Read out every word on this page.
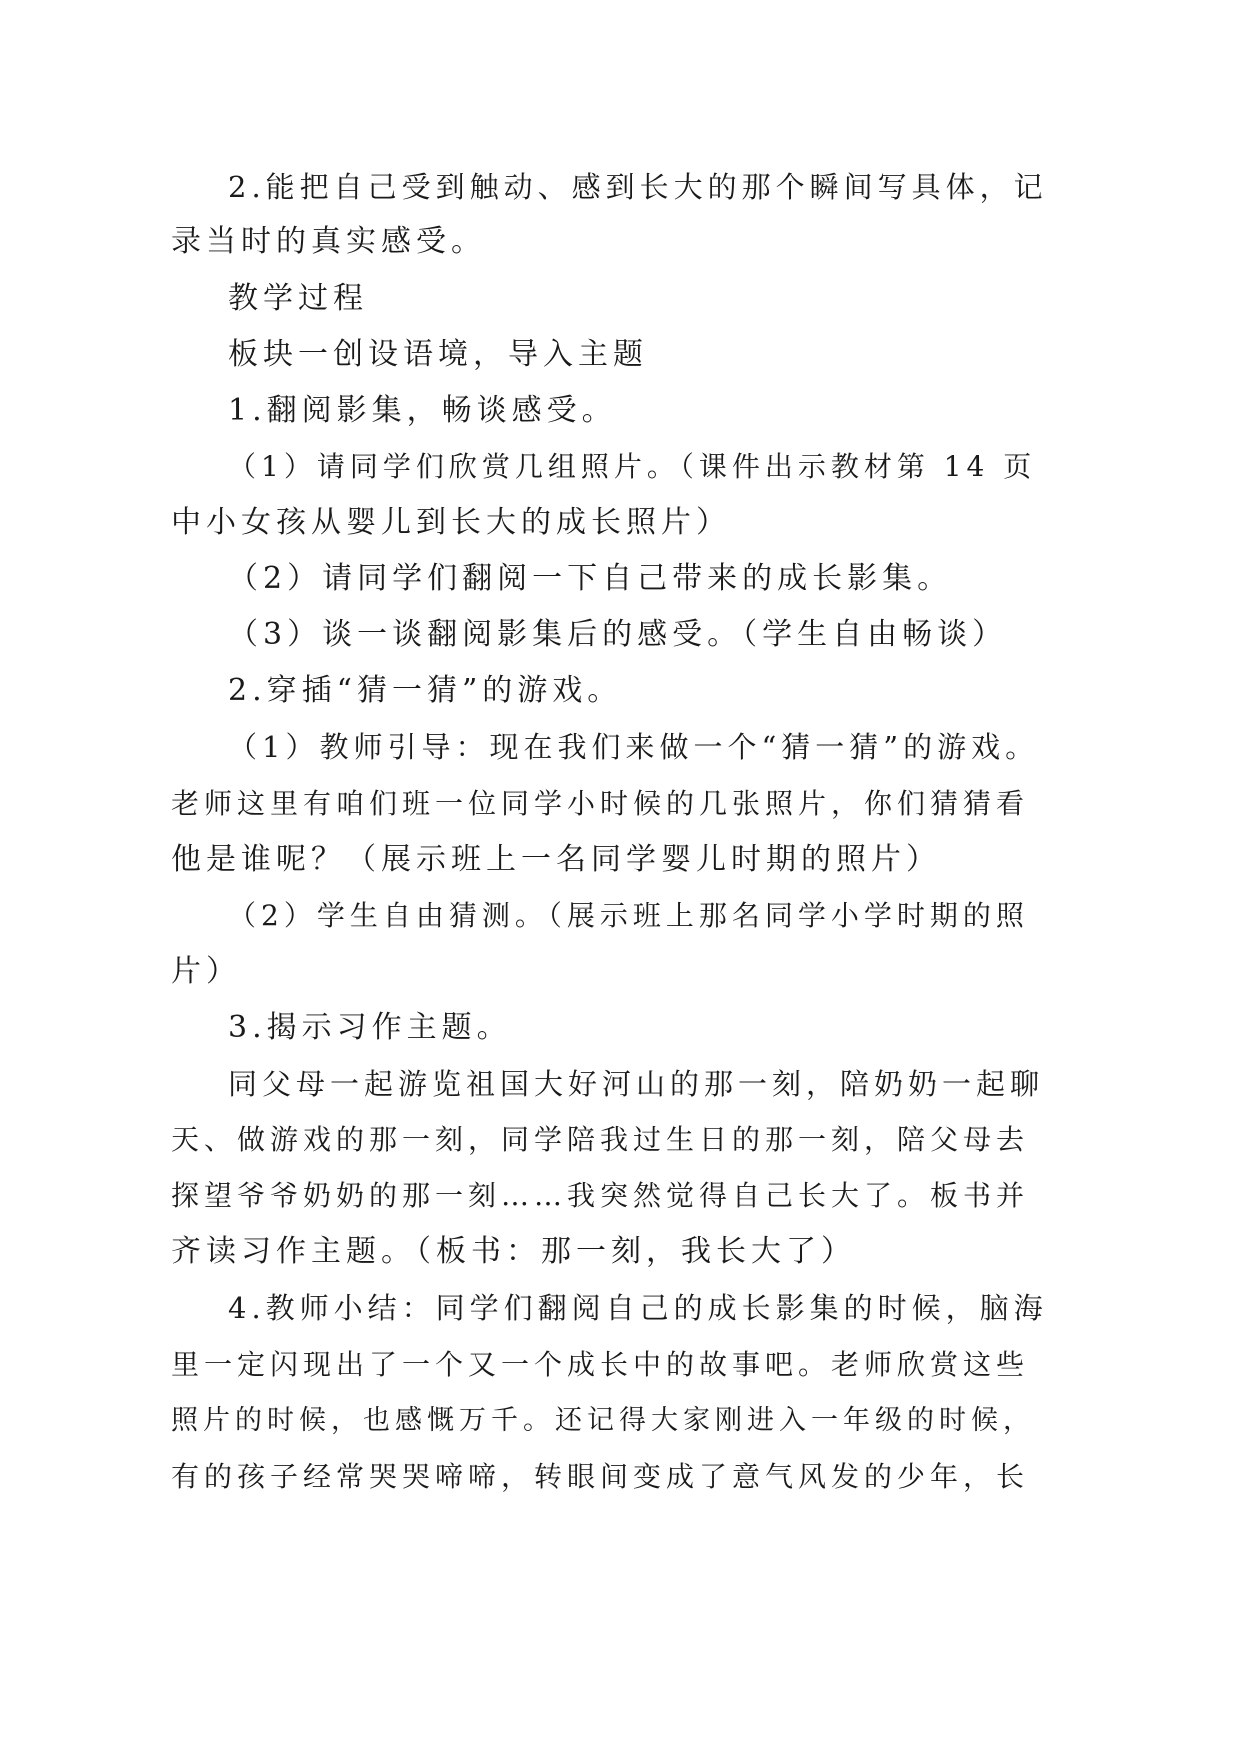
2.能把自己受到触动、感到长大的那个瞬间写具体，记
录当时的真实感受。
教学过程
板块一创设语境，导入主题
1.翻阅影集，畅谈感受。
（1）请同学们欣赏几组照片。（课件出示教材第 14 页
中小女孩从婴儿到长大的成长照片）
（2）请同学们翻阅一下自己带来的成长影集。
（3）谈一谈翻阅影集后的感受。（学生自由畅谈）
2.穿插“猜一猜”的游戏。
（1）教师引导：现在我们来做一个“猜一猜”的游戏。
老师这里有咱们班一位同学小时候的几张照片，你们猜猜看
他是谁呢？（展示班上一名同学婴儿时期的照片）
（2）学生自由猜测。（展示班上那名同学小学时期的照
片）
3.揭示习作主题。
同父母一起游览祖国大好河山的那一刻，陪奶奶一起聊
天、做游戏的那一刻，同学陪我过生日的那一刻，陪父母去
探望爷爷奶奶的那一刻……我突然觉得自己长大了。板书并
齐读习作主题。（板书：那一刻，我长大了）
4.教师小结：同学们翻阅自己的成长影集的时候，脑海
里一定闪现出了一个又一个成长中的故事吧。老师欣赏这些
照片的时候，也感慨万千。还记得大家刚进入一年级的时候，
有的孩子经常哭哭啼啼，转眼间变成了意气风发的少年，长
